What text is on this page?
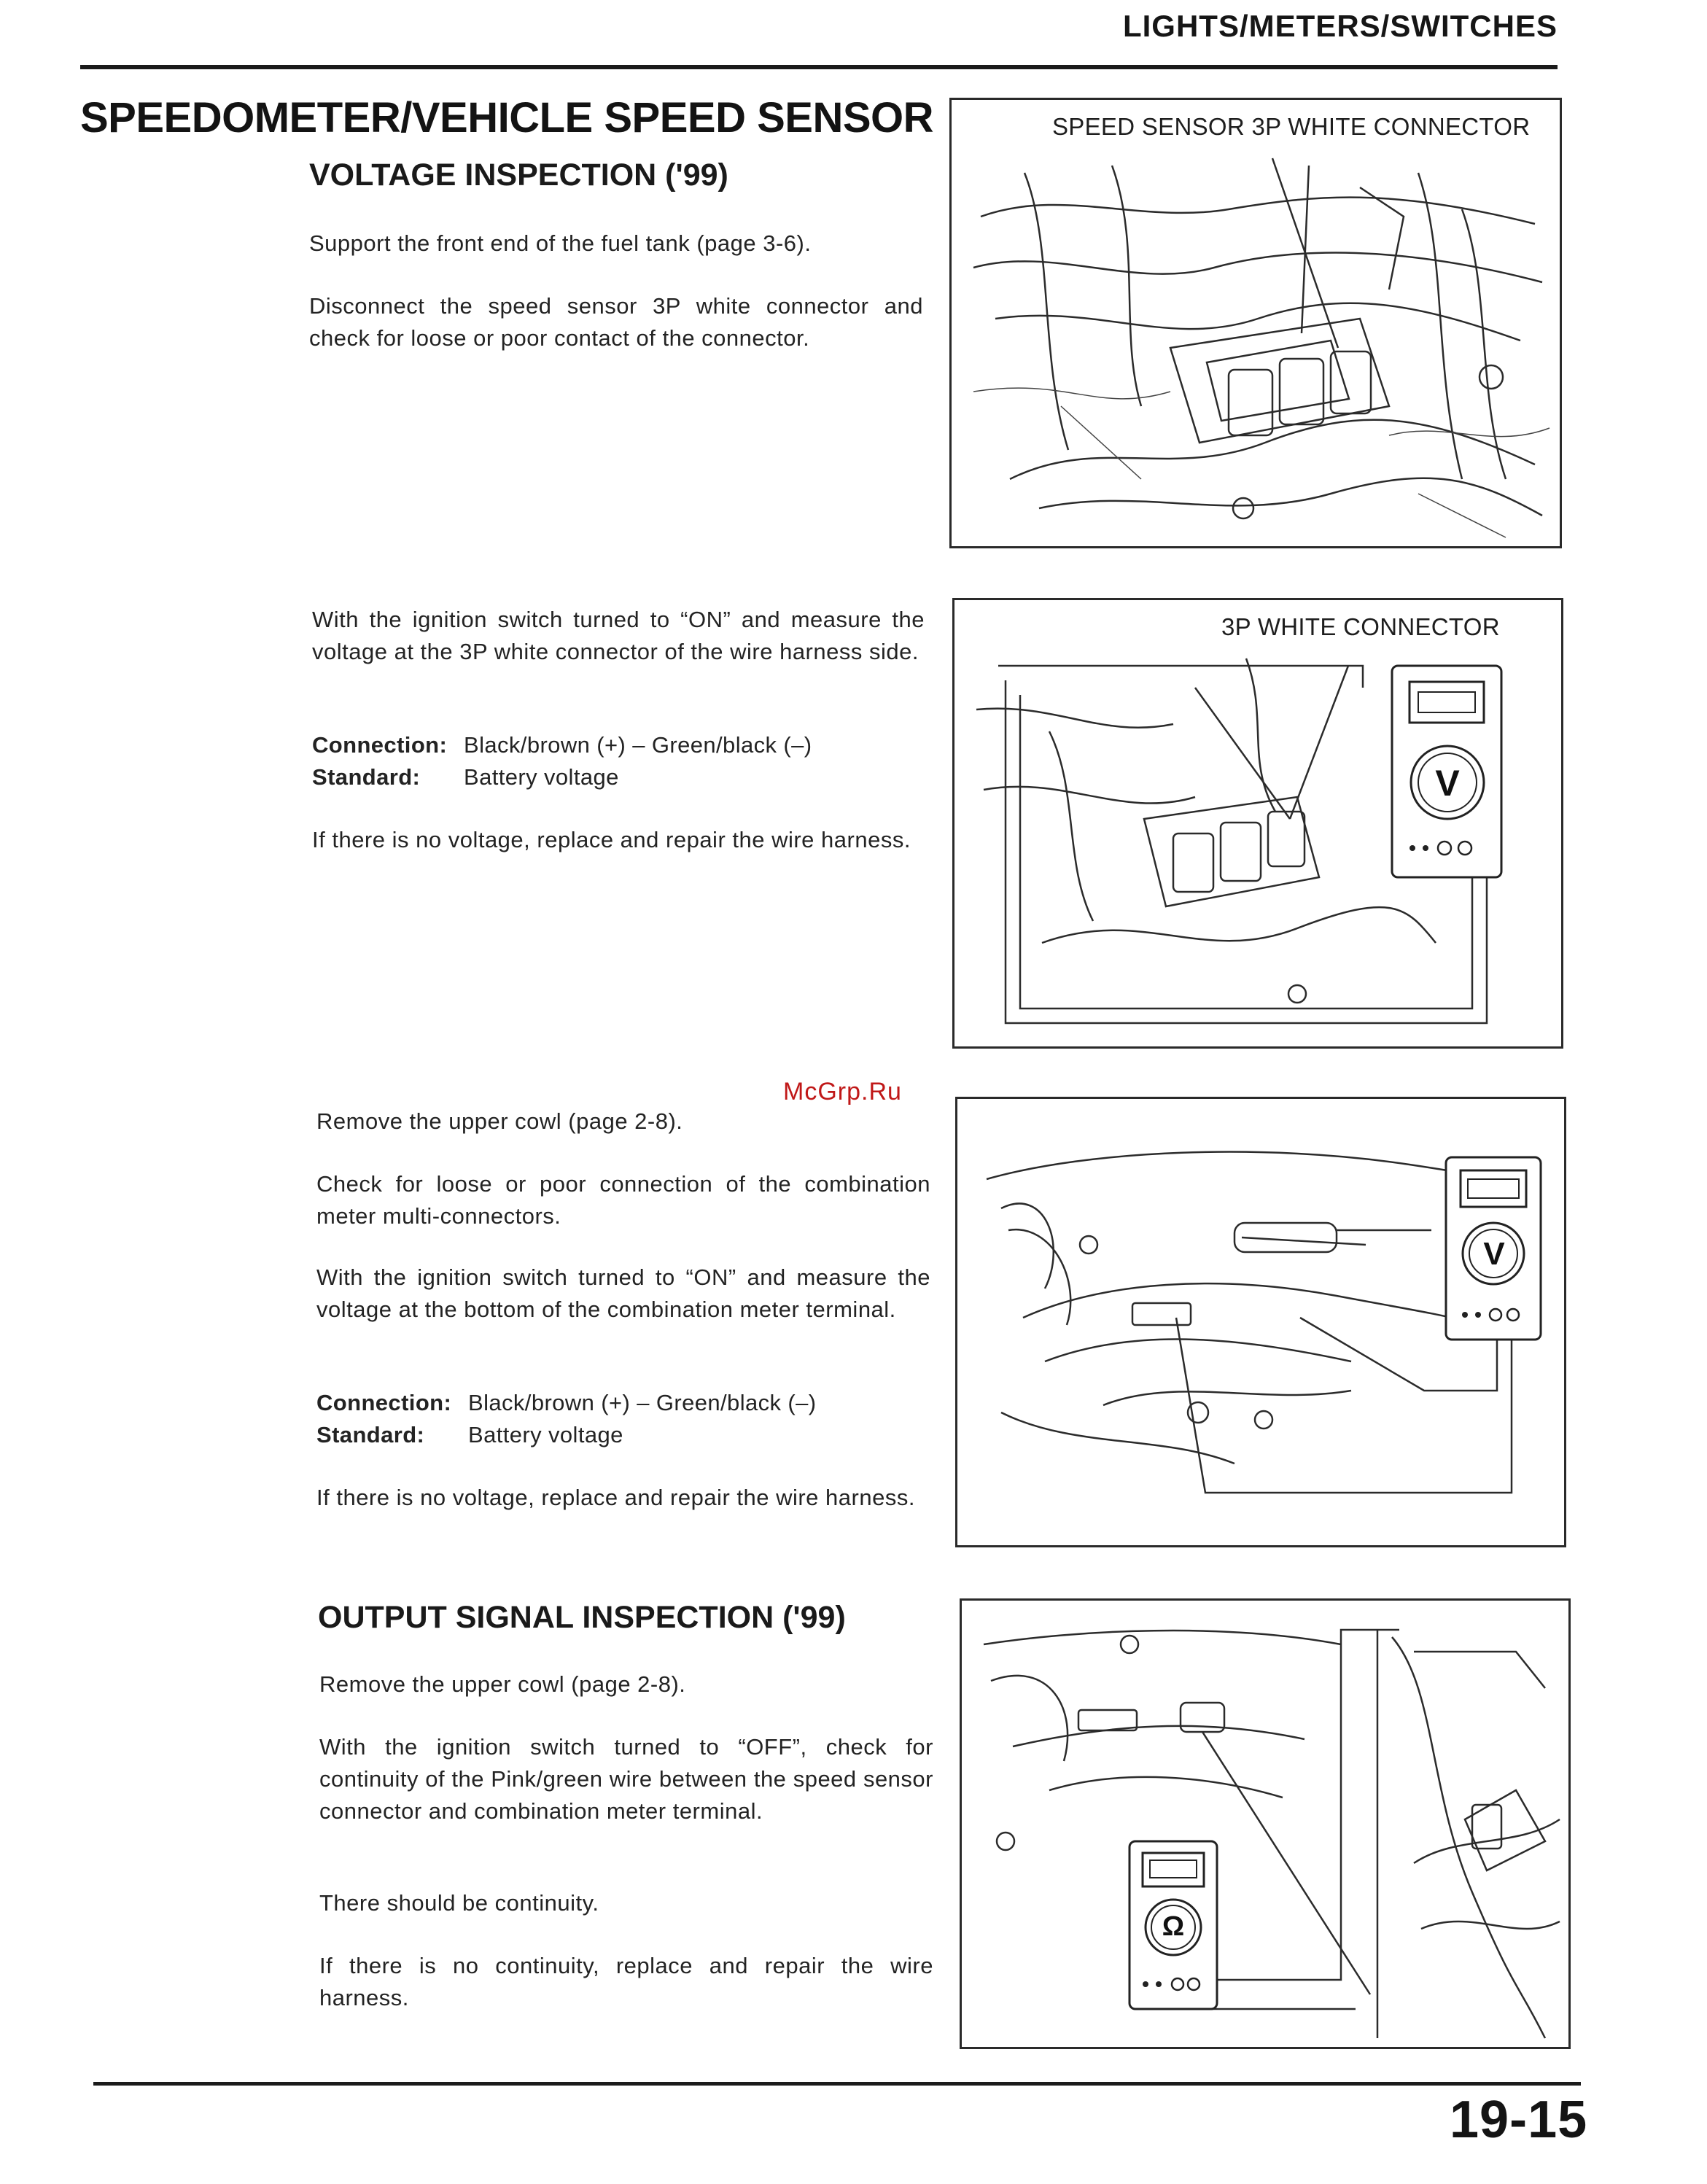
LIGHTS/METERS/SWITCHES
SPEEDOMETER/VEHICLE SPEED SENSOR
VOLTAGE INSPECTION ('99)
Support the front end of the fuel tank (page 3-6).
Disconnect the speed sensor 3P white connector and check for loose or poor contact of the connector.
With the ignition switch turned to “ON” and measure the voltage at the 3P white connector of the wire harness side.
Connection: Black/brown (+) – Green/black (–)
Standard: Battery voltage
If there is no voltage, replace and repair the wire harness.
McGrp.Ru
Remove the upper cowl (page 2-8).
Check for loose or poor connection of the combination meter multi-connectors.
With the ignition switch turned to “ON” and measure the voltage at the bottom of the combination meter terminal.
Connection: Black/brown (+) – Green/black (–)
Standard: Battery voltage
If there is no voltage, replace and repair the wire harness.
OUTPUT SIGNAL INSPECTION ('99)
Remove the upper cowl (page 2-8).
With the ignition switch turned to “OFF”, check for continuity of the Pink/green wire between the speed sensor connector and combination meter terminal.
There should be continuity.
If there is no continuity, replace and repair the wire harness.
SPEED SENSOR 3P WHITE CONNECTOR
3P WHITE CONNECTOR
V
V
Ω
19-15
